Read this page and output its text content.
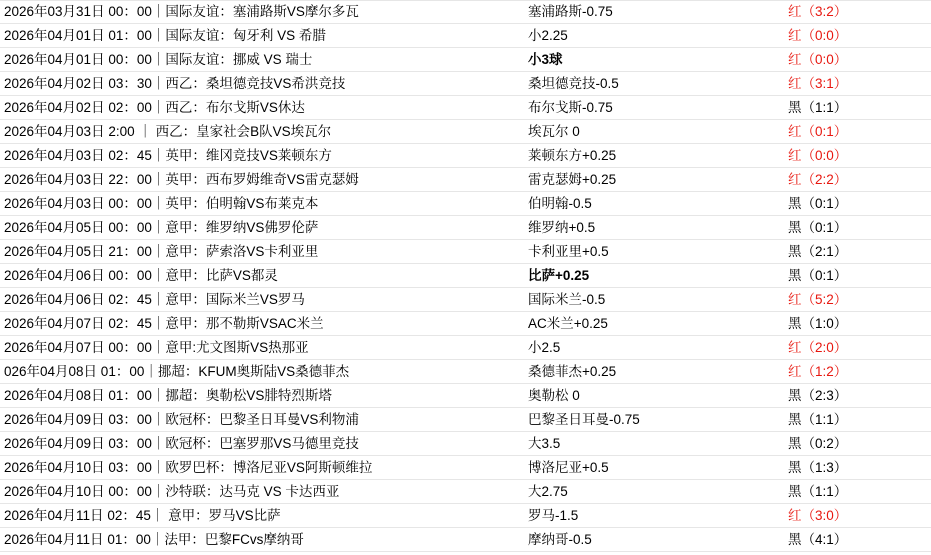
2026年03月31日 00：00｜国际友谊：塞浦路斯VS摩尔多瓦	塞浦路斯-0.75	红（3:2）
2026年04月01日 01：00｜国际友谊：匈牙利 VS 希腊	小2.25	红（0:0）
2026年04月01日 00：00｜国际友谊：挪威 VS 瑞士	小3球	红（0:0）
2026年04月02日 03：30｜西乙：桑坦德竞技VS希洪竞技	桑坦德竞技-0.5	红（3:1）
2026年04月02日 02：00｜西乙：布尔戈斯VS休达	布尔戈斯-0.75	黑（1:1）
2026年04月03日 2:00 ｜ 西乙：皇家社会B队VS埃瓦尔	埃瓦尔 0	红（0:1）
2026年04月03日 02：45｜英甲：维冈竞技VS莱顿东方	莱顿东方+0.25	红（0:0）
2026年04月03日 22：00｜英甲：西布罗姆维奇VS雷克瑟姆	雷克瑟姆+0.25	红（2:2）
2026年04月03日 00：00｜英甲：伯明翰VS布莱克本	伯明翰-0.5	黑（0:1）
2026年04月05日 00：00｜意甲：维罗纳VS佛罗伦萨	维罗纳+0.5	黑（0:1）
2026年04月05日 21：00｜意甲：萨索洛VS卡利亚里	卡利亚里+0.5	黑（2:1）
2026年04月06日 00：00｜意甲：比萨VS都灵	比萨+0.25	黑（0:1）
2026年04月06日 02：45｜意甲：国际米兰VS罗马	国际米兰-0.5	红（5:2）
2026年04月07日 02：45｜意甲：那不勒斯VSAC米兰	AC米兰+0.25	黑（1:0）
2026年04月07日 00：00｜意甲:尤文图斯VS热那亚	小2.5	红（2:0）
026年04月08日 01：00｜挪超：KFUM奥斯陆VS桑德菲杰	桑德菲杰+0.25	红（1:2）
2026年04月08日 01：00｜挪超：奥勒松VS腓特烈斯塔	奥勒松 0	黑（2:3）
2026年04月09日 03：00｜欧冠杯：巴黎圣日耳曼VS利物浦	巴黎圣日耳曼-0.75	黑（1:1）
2026年04月09日 03：00｜欧冠杯：巴塞罗那VS马德里竞技	大3.5	黑（0:2）
2026年04月10日 03：00｜欧罗巴杯：博洛尼亚VS阿斯顿维拉	博洛尼亚+0.5	黑（1:3）
2026年04月10日 00：00｜沙特联：达马克 VS 卡达西亚	大2.75	黑（1:1）
2026年04月11日 02：45｜ 意甲：罗马VS比萨	罗马-1.5	红（3:0）
2026年04月11日 01：00｜法甲：巴黎FCvs摩纳哥	摩纳哥-0.5	黑（4:1）
